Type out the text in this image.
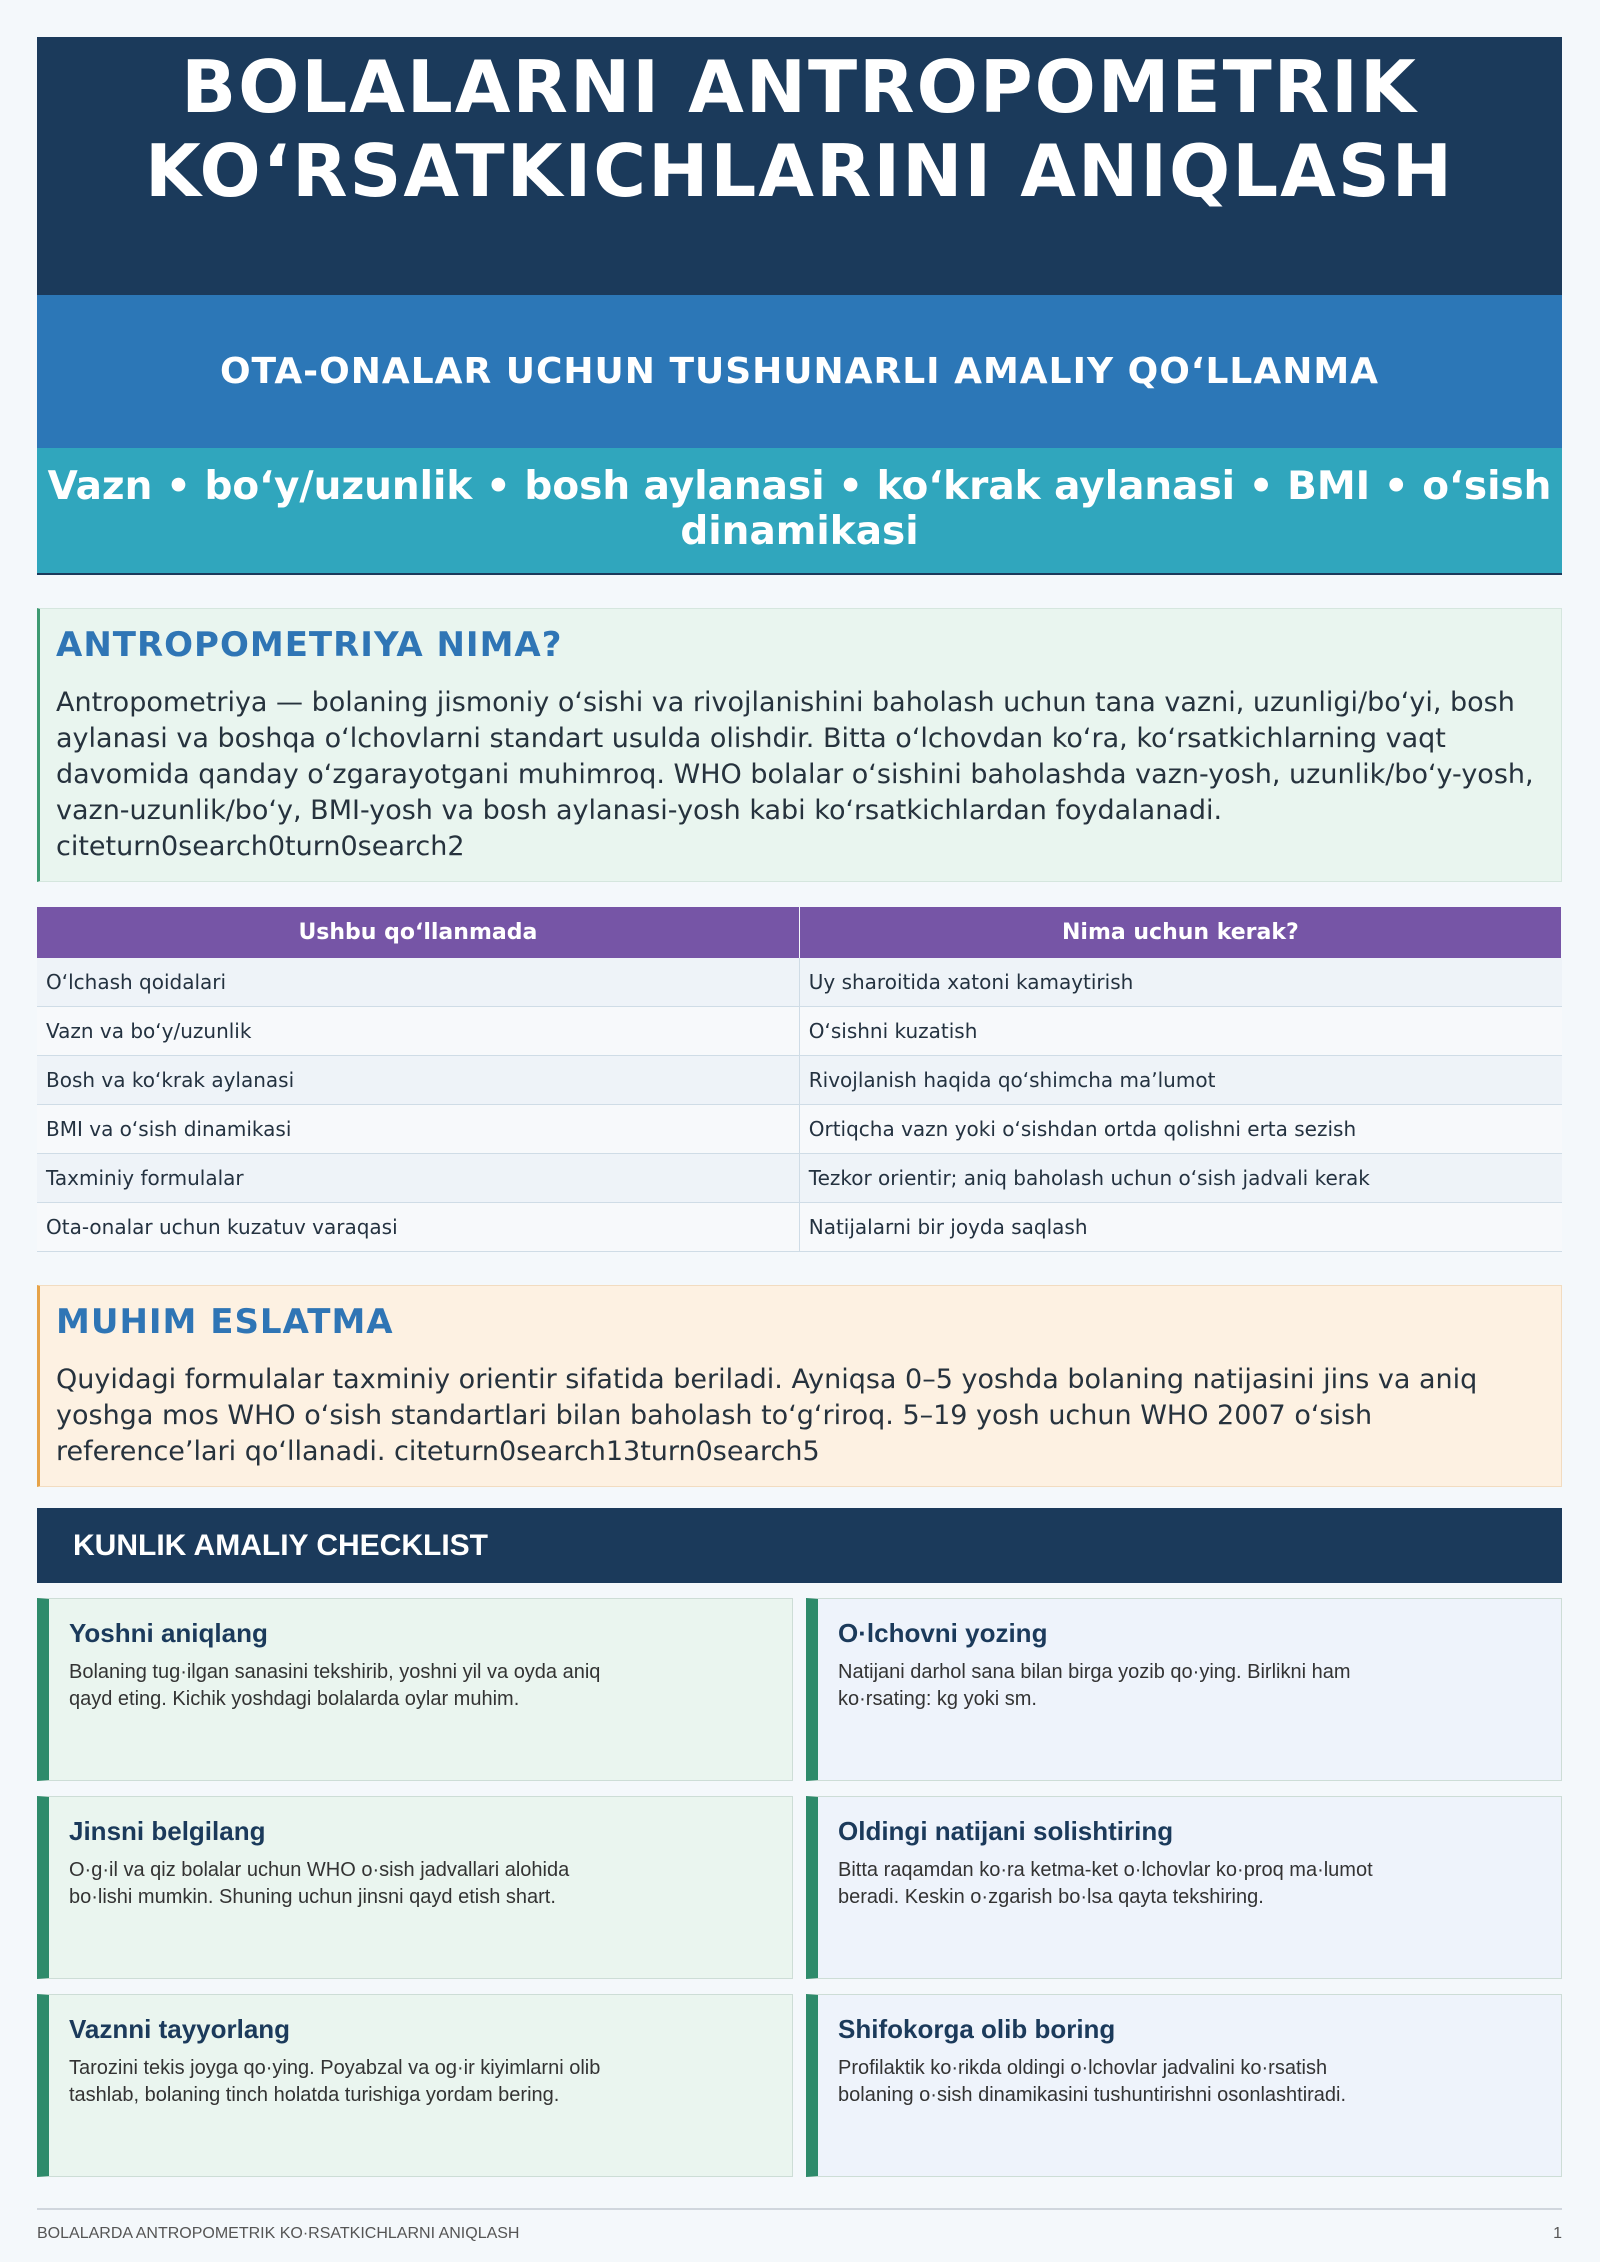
BOLALARNI ANTROPOMETRIK KOʻRSATKICHLARINI ANIQLASH
OTA-ONALAR UCHUN TUSHUNARLI AMALIY QOʻLLANMA
Vazn • boʻy/uzunlik • bosh aylanasi • koʻkrak aylanasi • BMI • oʻsish dinamikasi
ANTROPOMETRIYA NIMA?

Antropometriya — bolaning jismoniy oʻsishi va rivojlanishini baholash uchun tana vazni, uzunligi/boʻyi, bosh aylanasi va boshqa oʻlchovlarni standart usulda olishdir. Bitta oʻlchovdan koʻra, koʻrsatkichlarning vaqt davomida qanday oʻzgarayotgani muhimroq. WHO bolalar oʻsishini baholashda vazn-yosh, uzunlik/boʻy-yosh, vazn-uzunlik/boʻy, BMI-yosh va bosh aylanasi-yosh kabi koʻrsatkichlardan foydalanadi. citeturn0search0turn0search2

Ushbu qoʻllanmada	Nima uchun kerak?
Oʻlchash qoidalari	Uy sharoitida xatoni kamaytirish
Vazn va boʻy/uzunlik	Oʻsishni kuzatish
Bosh va koʻkrak aylanasi	Rivojlanish haqida qoʻshimcha maʼlumot
BMI va oʻsish dinamikasi	Ortiqcha vazn yoki oʻsishdan ortda qolishni erta sezish
Taxminiy formulalar	Tezkor orientir; aniq baholash uchun oʻsish jadvali kerak
Ota-onalar uchun kuzatuv varaqasi	Natijalarni bir joyda saqlash
MUHIM ESLATMA

Quyidagi formulalar taxminiy orientir sifatida beriladi. Ayniqsa 0–5 yoshda bolaning natijasini jins va aniq yoshga mos WHO oʻsish standartlari bilan baholash toʻgʻriroq. 5–19 yosh uchun WHO 2007 oʻsish referenceʼlari qoʻllanadi. citeturn0search13turn0search5

KUNLIK AMALIY CHECKLIST
Yoshni aniqlang

Bolaning tug·ilgan sanasini tekshirib, yoshni yil va oyda aniq qayd eting. Kichik yoshdagi bolalarda oylar muhim.

O·lchovni yozing

Natijani darhol sana bilan birga yozib qo·ying. Birlikni ham ko·rsating: kg yoki sm.

Jinsni belgilang

O·g·il va qiz bolalar uchun WHO o·sish jadvallari alohida bo·lishi mumkin. Shuning uchun jinsni qayd etish shart.

Oldingi natijani solishtiring

Bitta raqamdan ko·ra ketma-ket o·lchovlar ko·proq ma·lumot beradi. Keskin o·zgarish bo·lsa qayta tekshiring.

Vaznni tayyorlang

Tarozini tekis joyga qo·ying. Poyabzal va og·ir kiyimlarni olib tashlab, bolaning tinch holatda turishiga yordam bering.

Shifokorga olib boring

Profilaktik ko·rikda oldingi o·lchovlar jadvalini ko·rsatish bolaning o·sish dinamikasini tushuntirishni osonlashtiradi.

BOLALARDA ANTROPOMETRIK KO·RSATKICHLARNI ANIQLASH	1
